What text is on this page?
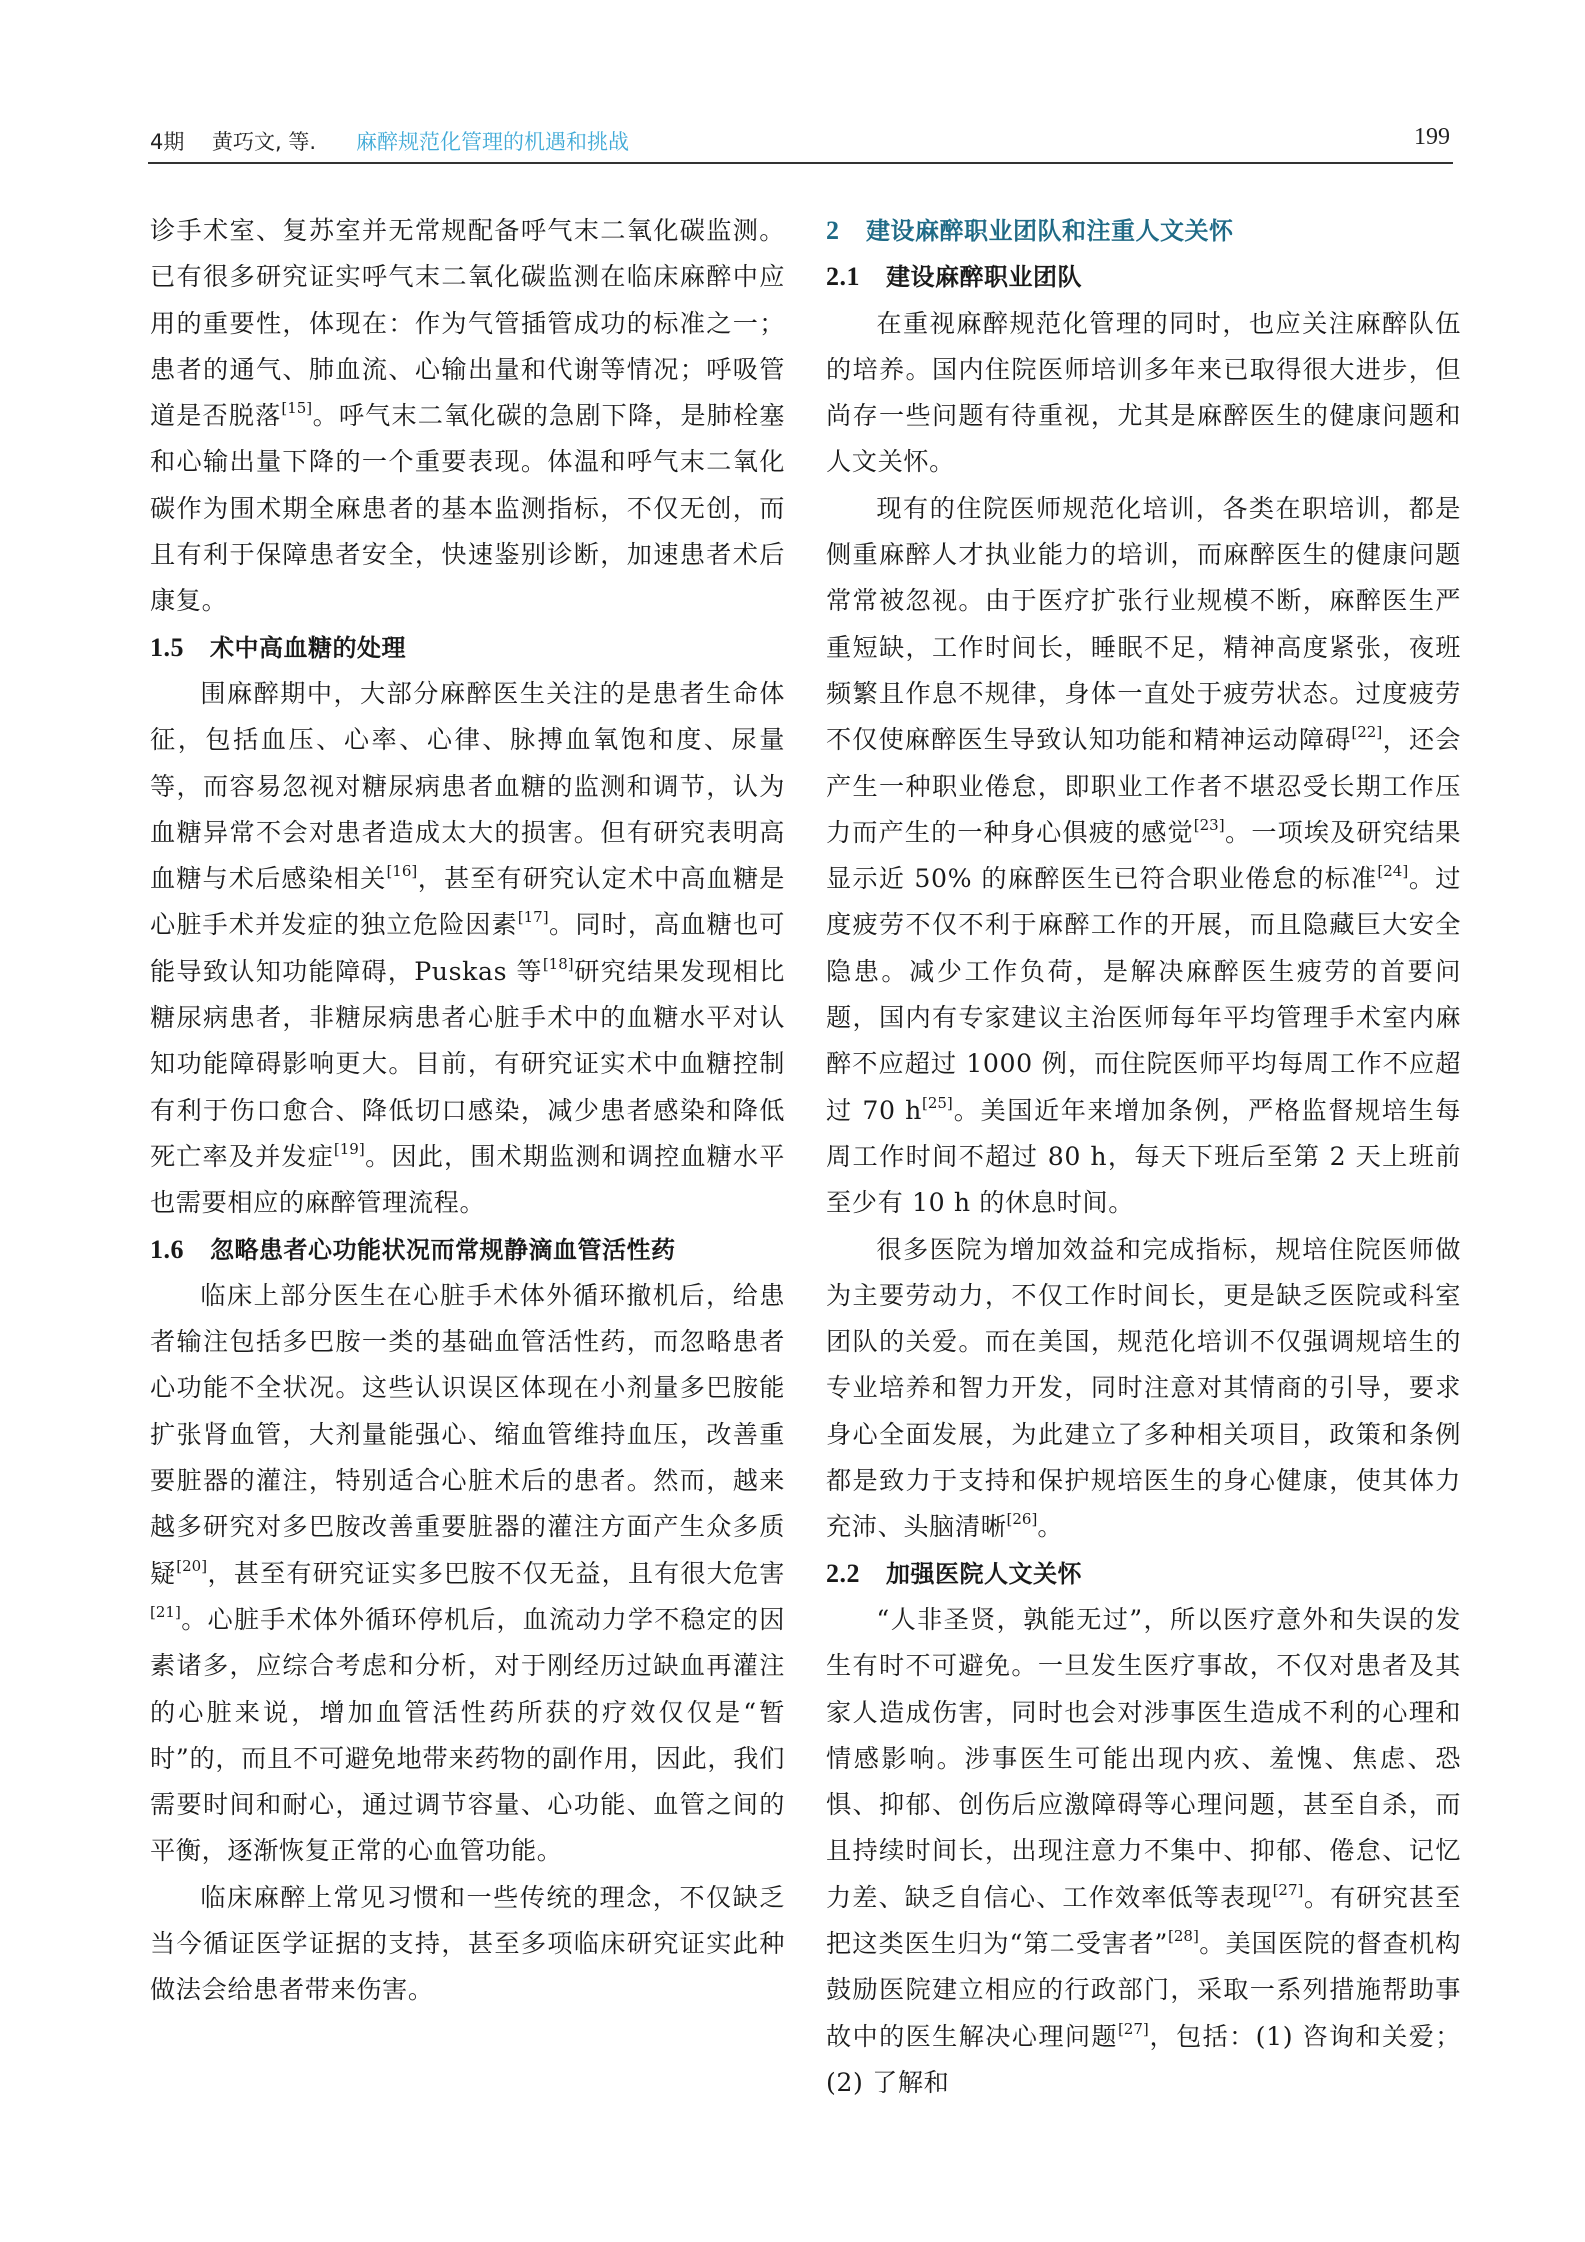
4期 黄巧文, 等. 麻醉规范化管理的机遇和挑战	199

诊手术室、复苏室并无常规配备呼气末二氧化碳监测。已有很多研究证实呼气末二氧化碳监测在临床麻醉中应用的重要性，体现在：作为气管插管成功的标准之一；患者的通气、肺血流、心输出量和代谢等情况；呼吸管道是否脱落[15]。呼气末二氧化碳的急剧下降，是肺栓塞和心输出量下降的一个重要表现。体温和呼气末二氧化碳作为围术期全麻患者的基本监测指标，不仅无创，而且有利于保障患者安全，快速鉴别诊断，加速患者术后康复。

1.5 术中高血糖的处理

围麻醉期中，大部分麻醉医生关注的是患者生命体征，包括血压、心率、心律、脉搏血氧饱和度、尿量等，而容易忽视对糖尿病患者血糖的监测和调节，认为血糖异常不会对患者造成太大的损害。但有研究表明高血糖与术后感染相关[16]，甚至有研究认定术中高血糖是心脏手术并发症的独立危险因素[17]。同时，高血糖也可能导致认知功能障碍，Puskas 等[18]研究结果发现相比糖尿病患者，非糖尿病患者心脏手术中的血糖水平对认知功能障碍影响更大。目前，有研究证实术中血糖控制有利于伤口愈合、降低切口感染，减少患者感染和降低死亡率及并发症[19]。因此，围术期监测和调控血糖水平也需要相应的麻醉管理流程。

1.6 忽略患者心功能状况而常规静滴血管活性药

临床上部分医生在心脏手术体外循环撤机后，给患者输注包括多巴胺一类的基础血管活性药，而忽略患者心功能不全状况。这些认识误区体现在小剂量多巴胺能扩张肾血管，大剂量能强心、缩血管维持血压，改善重要脏器的灌注，特别适合心脏术后的患者。然而，越来越多研究对多巴胺改善重要脏器的灌注方面产生众多质疑[20]，甚至有研究证实多巴胺不仅无益，且有很大危害[21]。心脏手术体外循环停机后，血流动力学不稳定的因素诸多，应综合考虑和分析，对于刚经历过缺血再灌注的心脏来说，增加血管活性药所获的疗效仅仅是“暂时”的，而且不可避免地带来药物的副作用，因此，我们需要时间和耐心，通过调节容量、心功能、血管之间的平衡，逐渐恢复正常的心血管功能。

临床麻醉上常见习惯和一些传统的理念，不仅缺乏当今循证医学证据的支持，甚至多项临床研究证实此种做法会给患者带来伤害。

2 建设麻醉职业团队和注重人文关怀
2.1 建设麻醉职业团队

在重视麻醉规范化管理的同时，也应关注麻醉队伍的培养。国内住院医师培训多年来已取得很大进步，但尚存一些问题有待重视，尤其是麻醉医生的健康问题和人文关怀。

现有的住院医师规范化培训，各类在职培训，都是侧重麻醉人才执业能力的培训，而麻醉医生的健康问题常常被忽视。由于医疗扩张行业规模不断，麻醉医生严重短缺，工作时间长，睡眠不足，精神高度紧张，夜班频繁且作息不规律，身体一直处于疲劳状态。过度疲劳不仅使麻醉医生导致认知功能和精神运动障碍[22]，还会产生一种职业倦怠，即职业工作者不堪忍受长期工作压力而产生的一种身心俱疲的感觉[23]。一项埃及研究结果显示近 50% 的麻醉医生已符合职业倦怠的标准[24]。过度疲劳不仅不利于麻醉工作的开展，而且隐藏巨大安全隐患。减少工作负荷，是解决麻醉医生疲劳的首要问题，国内有专家建议主治医师每年平均管理手术室内麻醉不应超过 1000 例，而住院医师平均每周工作不应超过 70 h[25]。美国近年来增加条例，严格监督规培生每周工作时间不超过 80 h，每天下班后至第 2 天上班前至少有 10 h 的休息时间。

很多医院为增加效益和完成指标，规培住院医师做为主要劳动力，不仅工作时间长，更是缺乏医院或科室团队的关爱。而在美国，规范化培训不仅强调规培生的专业培养和智力开发，同时注意对其情商的引导，要求身心全面发展，为此建立了多种相关项目，政策和条例都是致力于支持和保护规培医生的身心健康，使其体力充沛、头脑清晰[26]。

2.2 加强医院人文关怀

“人非圣贤，孰能无过”，所以医疗意外和失误的发生有时不可避免。一旦发生医疗事故，不仅对患者及其家人造成伤害，同时也会对涉事医生造成不利的心理和情感影响。涉事医生可能出现内疚、羞愧、焦虑、恐惧、抑郁、创伤后应激障碍等心理问题，甚至自杀，而且持续时间长，出现注意力不集中、抑郁、倦怠、记忆力差、缺乏自信心、工作效率低等表现[27]。有研究甚至把这类医生归为“第二受害者”[28]。美国医院的督查机构鼓励医院建立相应的行政部门，采取一系列措施帮助事故中的医生解决心理问题[27]，包括：(1) 咨询和关爱；(2) 了解和
